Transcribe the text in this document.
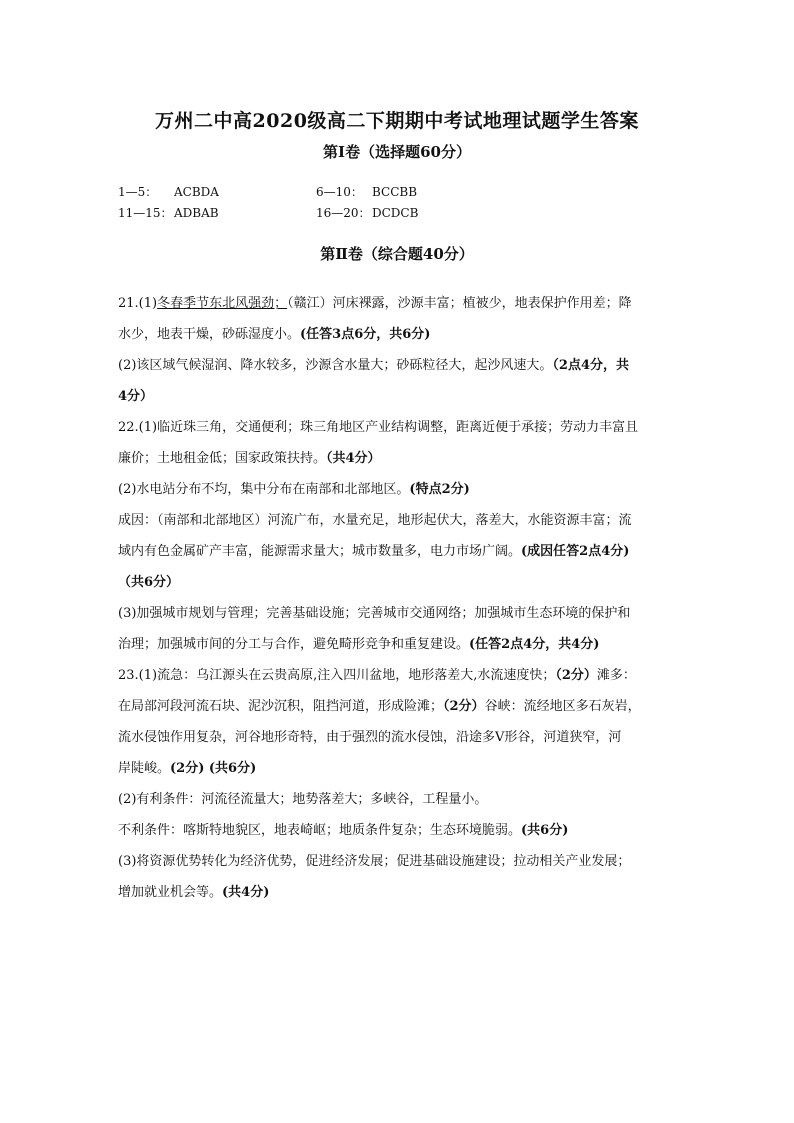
万州二中高2020级高二下期期中考试地理试题学生答案
第Ⅰ卷（选择题60分）
1—5： ACBDA	6—10： BCCBB
11—15：ADBAB	16—20：DCDCB
第Ⅱ卷（综合题40分）
21.(1)冬春季节东北风强劲；（赣江）河床裸露，沙源丰富；植被少，地表保护作用差；降
水少，地表干燥，砂砾湿度小。(任答3点6分，共6分)
(2)该区域气候湿润、降水较多，沙源含水量大；砂砾粒径大，起沙风速大。（2点4分，共
4分）
22.(1)临近珠三角，交通便利；珠三角地区产业结构调整，距离近便于承接；劳动力丰富且
廉价；土地租金低；国家政策扶持。（共4分）
(2)水电站分布不均，集中分布在南部和北部地区。(特点2分)
成因：（南部和北部地区）河流广布，水量充足，地形起伏大，落差大，水能资源丰富；流
域内有色金属矿产丰富，能源需求量大；城市数量多，电力市场广阔。(成因任答2点4分)
（共6分）
(3)加强城市规划与管理；完善基础设施；完善城市交通网络；加强城市生态环境的保护和
治理；加强城市间的分工与合作，避免畸形竞争和重复建设。(任答2点4分，共4分)
23.(1)流急：乌江源头在云贵高原,注入四川盆地，地形落差大,水流速度快；（2分）滩多：
在局部河段河流石块、泥沙沉积，阻挡河道，形成险滩；（2分）谷峡：流经地区多石灰岩，
流水侵蚀作用复杂，河谷地形奇特，由于强烈的流水侵蚀，沿途多V形谷，河道狭窄，河
岸陡峻。(2分) (共6分)
(2)有利条件：河流径流量大；地势落差大；多峡谷，工程量小。
不利条件：喀斯特地貌区，地表崎岖；地质条件复杂；生态环境脆弱。(共6分)
(3)将资源优势转化为经济优势，促进经济发展；促进基础设施建设；拉动相关产业发展；
增加就业机会等。(共4分)
